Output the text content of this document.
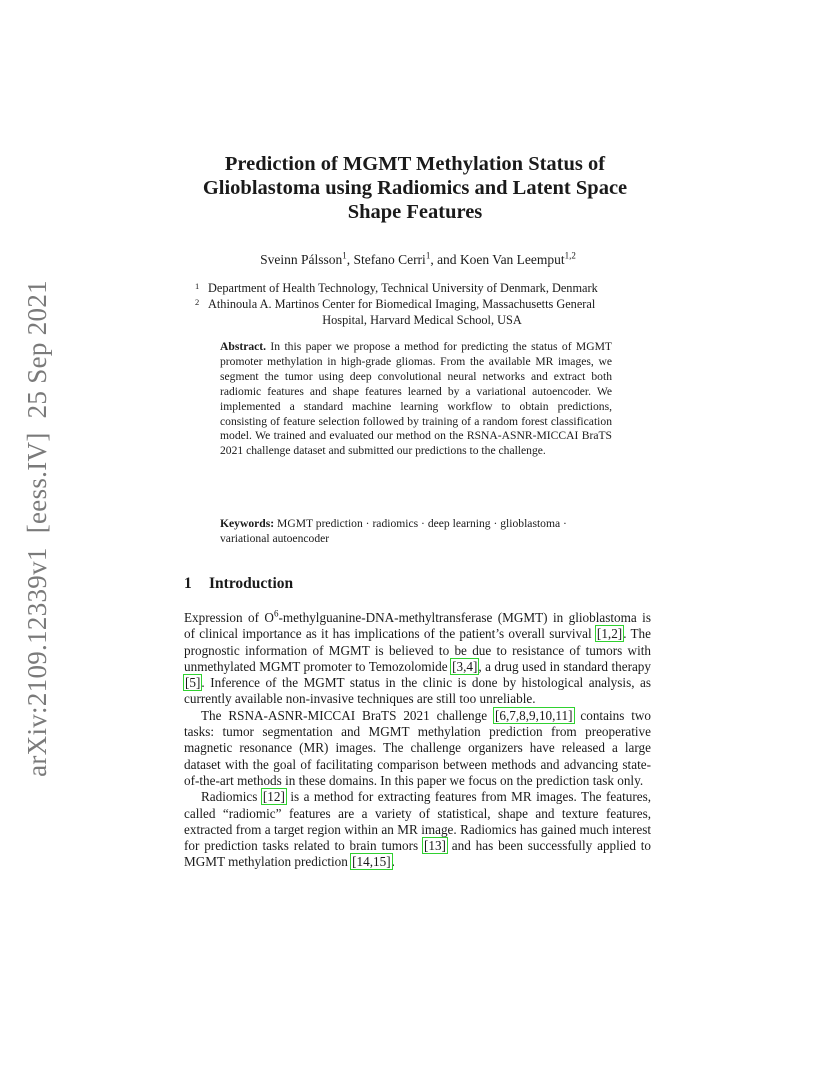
arXiv:2109.12339v1[eess.IV]25 Sep 2021
Prediction of MGMT Methylation Status of
Glioblastoma using Radiomics and Latent Space
Shape Features
Sveinn Pálsson$^1$, Stefano Cerri$^1$, and Koen Van Leemput$^{1,2}$
1 Department of Health Technology, Technical University of Denmark, Denmark
2 Athinoula A. Martinos Center for Biomedical Imaging, Massachusetts General
Hospital, Harvard Medical School, USA
Abstract. In this paper we propose a method for predicting the status of MGMT promoter methylation in high-grade gliomas. From the available MR images, we segment the tumor using deep convolutional neural networks and extract both radiomic features and shape features learned by a variational autoencoder. We implemented a standard machine learning workflow to obtain predictions, consisting of feature selection followed by training of a random forest classification model. We trained and evaluated our method on the RSNA-ASNR-MICCAI BraTS 2021 challenge dataset and submitted our predictions to the challenge.
Keywords: MGMT prediction · radiomics · deep learning · glioblastoma · variational autoencoder
1 Introduction

Expression of $O^6-methylguanine-DNA$-methyltransferase (MGMT) in glioblastoma is of clinical importance as it has implications of the patient’s overall survival [1,2]. The prognostic information of MGMT is believed to be due to resistance of tumors with unmethylated MGMT promoter to Temozolomide [3,4], a drug used in standard therapy [5]. Inference of the MGMT status in the clinic is done by histological analysis, as currently available non-invasive techniques are still too unreliable.

The RSNA-ASNR-MICCAI BraTS 2021 challenge [6,7,8,9,10,11] contains two tasks: tumor segmentation and MGMT methylation prediction from preoperative magnetic resonance (MR) images. The challenge organizers have released a large dataset with the goal of facilitating comparison between methods and advancing state-of-the-art methods in these domains. In this paper we focus on the prediction task only.

Radiomics [12] is a method for extracting features from MR images. The features, called “radiomic” features are a variety of statistical, shape and texture features, extracted from a target region within an MR image. Radiomics has gained much interest for prediction tasks related to brain tumors [13] and has been successfully applied to MGMT methylation prediction [14,15].
